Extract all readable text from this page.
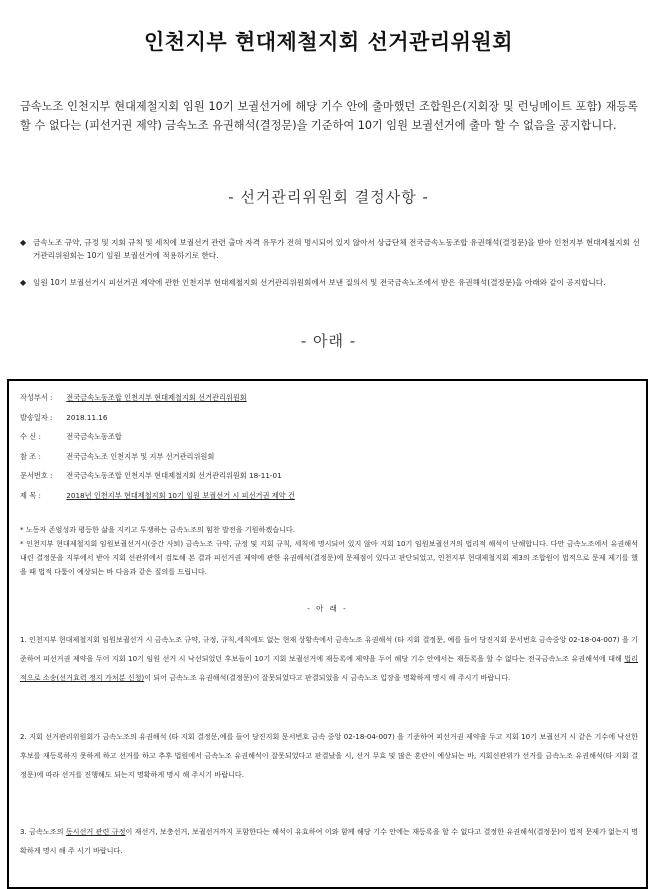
인천지부 현대제철지회 선거관리위원회
금속노조 인천지부 현대제철지회 임원 10기 보궐선거에 해당 기수 안에 출마했던 조합원은(지회장 및 런닝메이트 포함) 재등록 할 수 없다는 (피선거권 제약) 금속노조 유권해석(결정문)을 기준하여 10기 임원 보궐선거에 출마 할 수 없음을 공지합니다.
- 선거관리위원회 결정사항 -
◆ 금속노조 규약, 규정 및 지회 규칙 및 세칙에 보궐선거 관련 출마 자격 유무가 전혀 명시되어 있지 않아서 상급단체 전국금속노동조합 유권해석(결정문)을 받아 인천지부 현대제철지회 선거관리위원회는 10기 임원 보궐선거에 적용하기로 한다.
◆ 임원 10기 보궐선거시 피선거권 제약에 관한 인천지부 현대제철지회 선거관리위원회에서 보낸 질의서 및 전국금속노조에서 받은 유권해석(결정문)을 아래와 같이 공지합니다.
- 아래 -
작성부서 : 전국금속노동조합 인천지부 현대제철지회 선거관리위원회
발송일자 : 2018.11.16
수 신 :	전국금속노동조합
참 조 :	전국금속노조 인천지부 및 지부 선거관리위원회
문서번호 : 전국금속노동조합 인천지부 현대제철지회 선거관리위원회 18-11-01
제 목 :	2018년 인천지부 현대제철지회 10기 임원 보궐선거 시 피선거권 제약 건
* 노동자 존엄성과 평등한 삶을 지키고 투쟁하는 금속노조의 힘찬 발전을 기원하겠습니다.
* 인천지부 현대제철지회 임원보궐선거시(중간 사퇴) 금속노조 규약, 규정 및 지회 규칙, 세칙에 명시되어 있지 않아 지회 10기 임원보궐선거의 법리적 해석이 난해합니다. 다만 금속노조에서 유권해석 내린 결정문을 지부에서 받아 지회 선관위에서 검토해 본 결과 피선거권 제약에 관한 유권해석(결정문)에 문제점이 있다고 판단되었고, 인천지부 현대제철지회 제3의 조합원이 법적으로 문제 제기를 했을 때 법적 다툼이 예상되는 바 다음과 같은 질의를 드립니다.
- 아 래 -
1. 인천지부 현대제철지회 임원보궐선거 시 금속노조 규약, 규정, 규칙,세칙에도 없는 현재 상황속에서 금속노조 유권해석 (타 지회 결정문, 예를 들어 당진지회 문서번호 금속중앙 02-18-04-007) 을 기준하여 피선거권 제약을 두어 지회 10기 임원 선거 시 낙선되었던 후보들이 10기 지회 보궐선거에 재등록에 제약을 두어 해당 기수 안에서는 재등록을 할 수 없다는 전국금속노조 유권해석에 대해 법리적으로 소송(선거효력 정지 가처분 신청)이 되어 금속노조 유권해석(결정문)이 잘못되었다고 판결되었을 시 금속노조 입장을 명확하게 명시 해 주시기 바랍니다.
2. 지회 선거관리위원회가 금속노조의 유권해석 (타 지회 결정문,예를 들어 당진지회 문서번호 금속 중앙 02-18-04-007) 을 기준하여 피선거권 제약을 두고 지회 10기 보궐선거 시 같은 기수에 낙선한 후보를 재등록하지 못하게 하고 선거를 하고 추후 법원에서 금속노조 유권해석이 잘못되었다고 판결났을 시, 선거 무효 및 많은 혼란이 예상되는 바, 지회선관위가 선거를 금속노조 유권해석(타 지회 결정문)에 따라 선거를 진행해도 되는지 명확하게 명시 해 주시기 바랍니다.
3. 금속노조의 동시선거 관련 규정이 재선거, 보충선거, 보궐선거까지 포함한다는 해석이 유효하여 이와 함께 해당 기수 안에는 재등록을 할 수 없다고 결정한 유권해석(결정문)이 법적 문제가 없는지 명확하게 명시 해 주 시기 바랍니다.
